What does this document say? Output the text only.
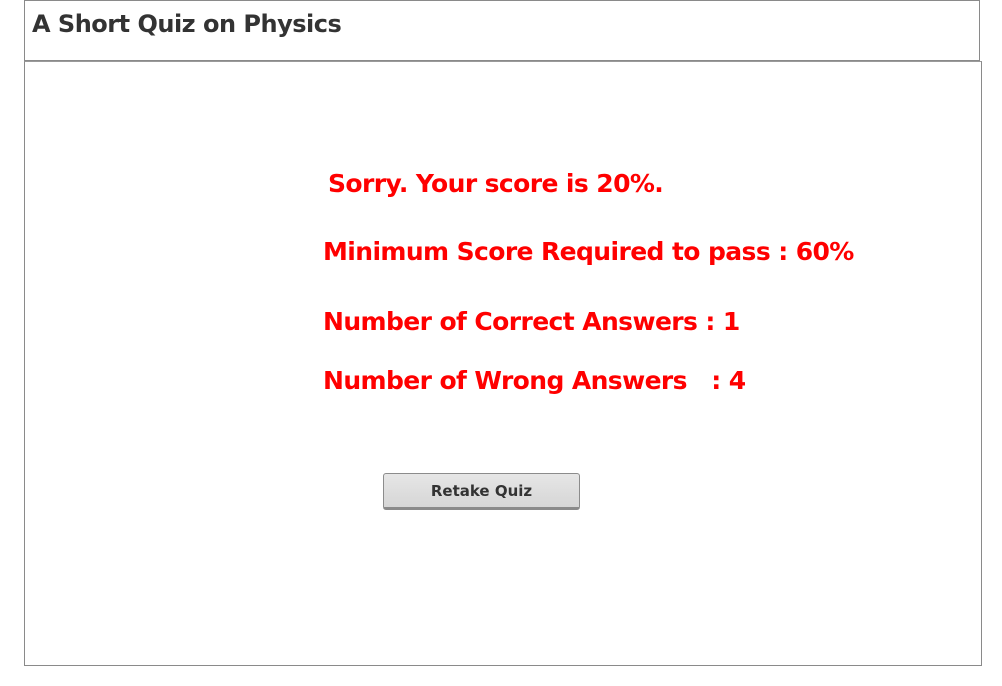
A Short Quiz on Physics
Sorry. Your score is 20%.
Minimum Score Required to pass : 60%
Number of Correct Answers : 1
Number of Wrong Answers   : 4
Retake Quiz
